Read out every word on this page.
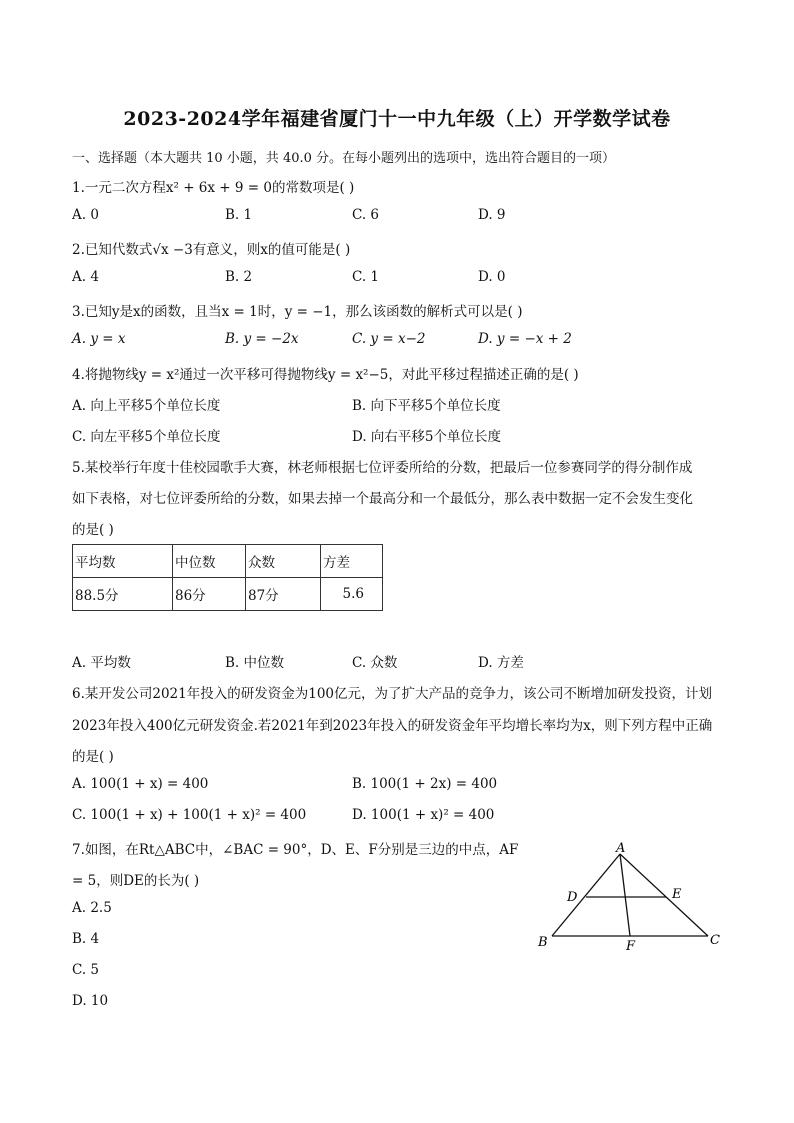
2023-2024学年福建省厦门十一中九年级（上）开学数学试卷
一、选择题（本大题共 10 小题，共 40.0 分。在每小题列出的选项中，选出符合题目的一项）
1.一元二次方程x² + 6x + 9 = 0的常数项是( )
A. 0	B. 1	C. 6	D. 9
2.已知代数式√x −3有意义，则x的值可能是( )
A. 4	B. 2	C. 1	D. 0
3.已知y是x的函数，且当x = 1时，y = −1，那么该函数的解析式可以是( )
A. y = x	B. y = −2x	C. y = x−2	D. y = −x + 2
4.将抛物线y = x²通过一次平移可得抛物线y = x²−5，对此平移过程描述正确的是( )
A. 向上平移5个单位长度	B. 向下平移5个单位长度
C. 向左平移5个单位长度	D. 向右平移5个单位长度
5.某校举行年度十佳校园歌手大赛，林老师根据七位评委所给的分数，把最后一位参赛同学的得分制作成
如下表格，对七位评委所给的分数，如果去掉一个最高分和一个最低分，那么表中数据一定不会发生变化
的是( )
平均数	中位数	众数	方差
88.5分	86分	87分	5.6
A. 平均数	B. 中位数	C. 众数	D. 方差
6.某开发公司2021年投入的研发资金为100亿元，为了扩大产品的竞争力，该公司不断增加研发投资，计划
2023年投入400亿元研发资金.若2021年到2023年投入的研发资金年平均增长率均为x，则下列方程中正确
的是( )
A. 100(1 + x) = 400	B. 100(1 + 2x) = 400
C. 100(1 + x) + 100(1 + x)² = 400	D. 100(1 + x)² = 400
7.如图，在Rt△ABC中，∠BAC = 90°，D、E、F分别是三边的中点，AF
= 5，则DE的长为( )
A. 2.5
B. 4
C. 5
D. 10
A
B	C
D	E
F
